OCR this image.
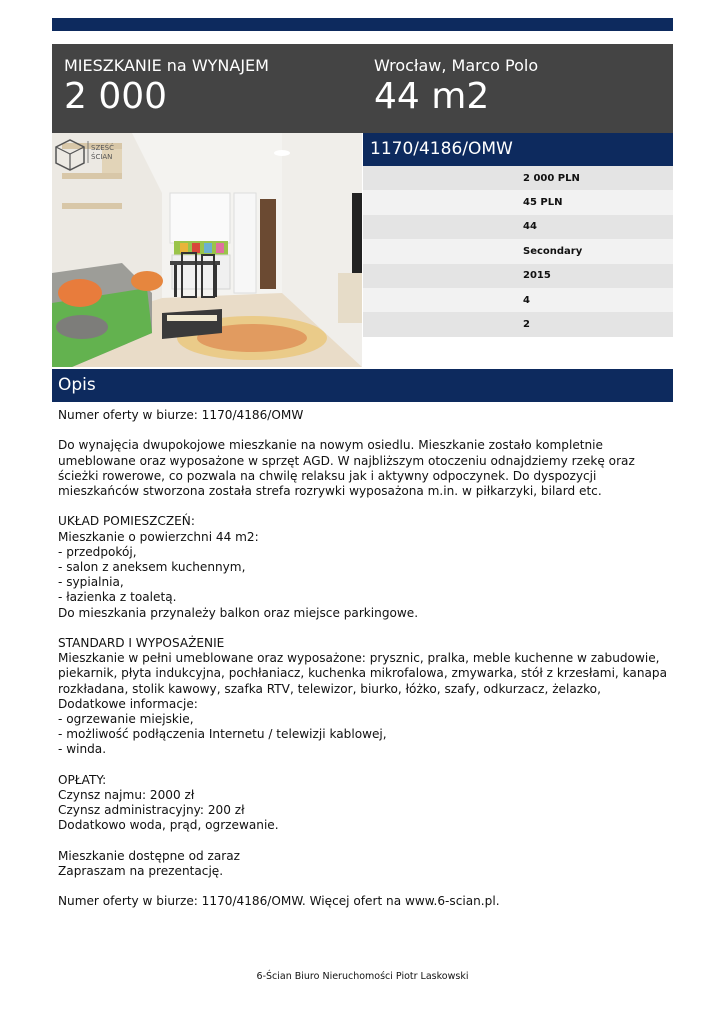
MIESZKANIE na WYNAJEM
2 000
Wrocław, Marco Polo
44 m2
SZEŚĆ
ŚCIAN	1170/4186/OMW
2 000 PLN
45 PLN
44
Secondary
2015
4
2
Opis

Numer oferty w biurze: 1170/4186/OMW

Do wynajęcia dwupokojowe mieszkanie na nowym osiedlu. Mieszkanie zostało kompletnie umeblowane oraz wyposażone w sprzęt AGD. W najbliższym otoczeniu odnajdziemy rzekę oraz ścieżki rowerowe, co pozwala na chwilę relaksu jak i aktywny odpoczynek. Do dyspozycji mieszkańców stworzona została strefa rozrywki wyposażona m.in. w piłkarzyki, bilard etc.

UKŁAD POMIESZCZEŃ:

Mieszkanie o powierzchni 44 m2:

- przedpokój,

- salon z aneksem kuchennym,

- sypialnia,

- łazienka z toaletą.

Do mieszkania przynależy balkon oraz miejsce parkingowe.

STANDARD I WYPOSAŻENIE

Mieszkanie w pełni umeblowane oraz wyposażone: prysznic, pralka, meble kuchenne w zabudowie, piekarnik, płyta indukcyjna, pochłaniacz, kuchenka mikrofalowa, zmywarka, stół z krzesłami, kanapa rozkładana, stolik kawowy, szafka RTV, telewizor, biurko, łóżko, szafy, odkurzacz, żelazko,

Dodatkowe informacje:

- ogrzewanie miejskie,

- możliwość podłączenia Internetu / telewizji kablowej,

- winda.

OPŁATY:

Czynsz najmu: 2000 zł

Czynsz administracyjny: 200 zł

Dodatkowo woda, prąd, ogrzewanie.

Mieszkanie dostępne od zaraz

Zapraszam na prezentację.

Numer oferty w biurze: 1170/4186/OMW. Więcej ofert na www.6-scian.pl.

6-Ścian Biuro Nieruchomości Piotr Laskowski
